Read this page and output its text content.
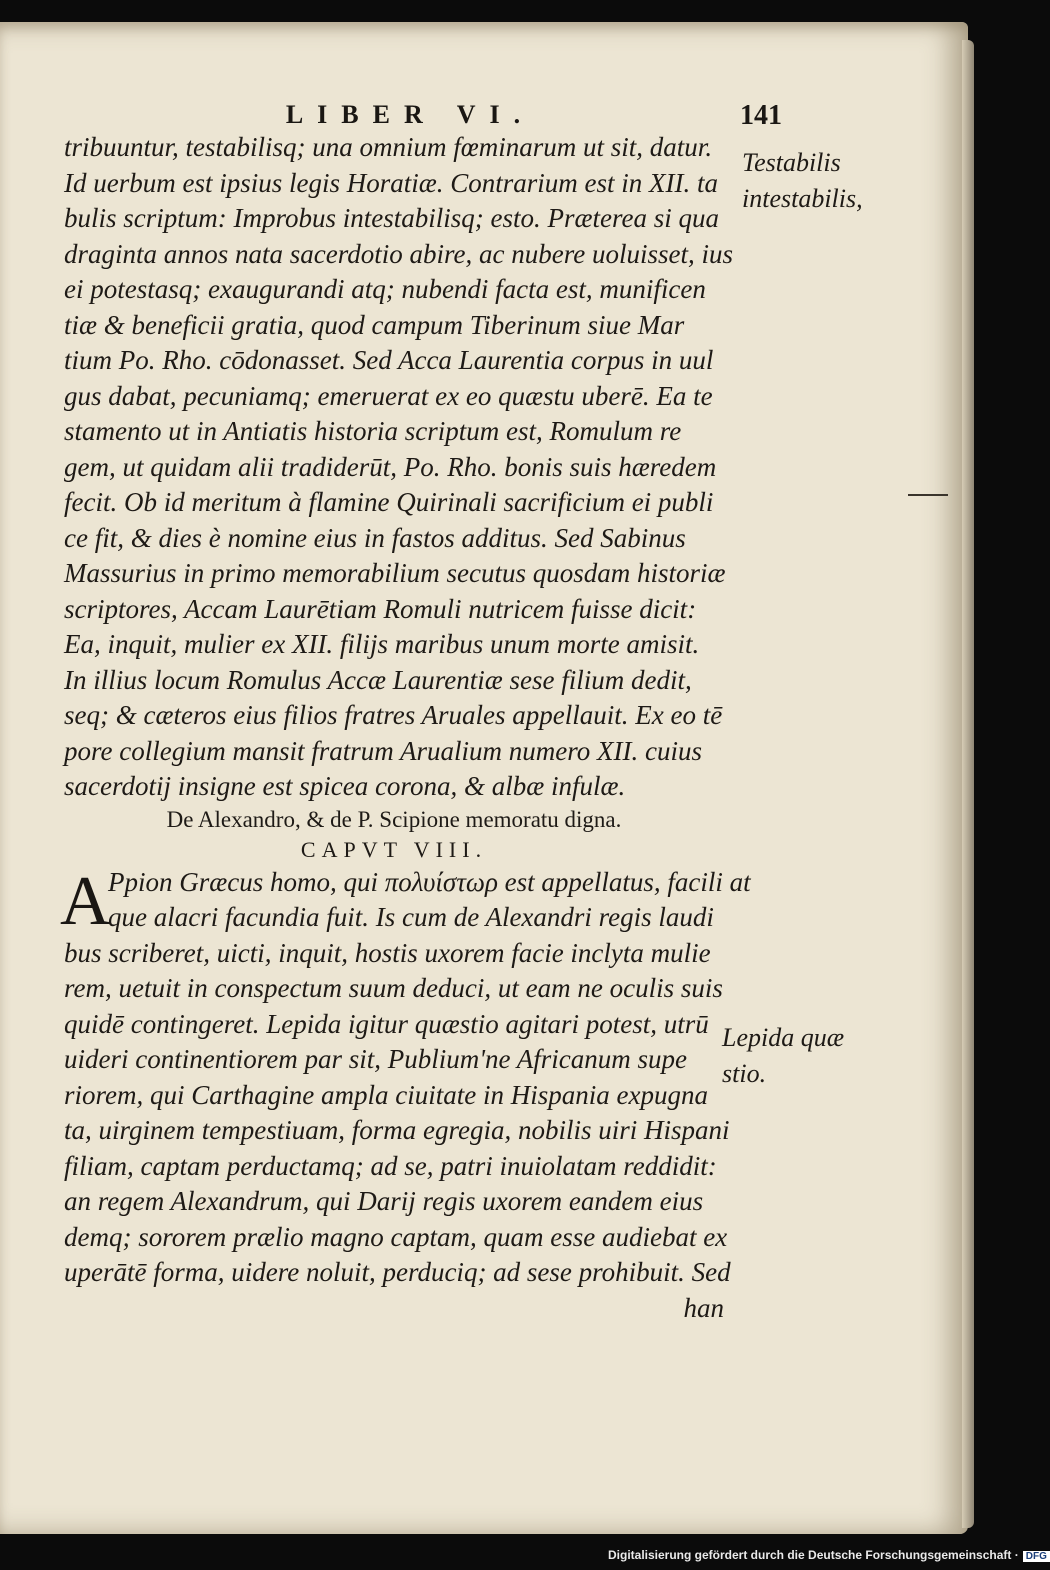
LIBER VI.	141
tribuuntur, testabilisq; una omnium fœminarum ut sit, datur.
Id uerbum est ipsius legis Horatiæ. Contrarium est in XII. ta
bulis scriptum: Improbus intestabilisq; esto. Præterea si qua
draginta annos nata sacerdotio abire, ac nubere uoluisset, ius
ei potestasq; exaugurandi atq; nubendi facta est, munificen
tiæ & beneficii gratia, quod campum Tiberinum siue Mar
tium Po. Rho. cōdonasset. Sed Acca Laurentia corpus in uul
gus dabat, pecuniamq; emeruerat ex eo quæstu uberē. Ea te
stamento ut in Antiatis historia scriptum est, Romulum re
gem, ut quidam alii tradiderūt, Po. Rho. bonis suis hæredem
fecit. Ob id meritum à flamine Quirinali sacrificium ei publi
ce fit, & dies è nomine eius in fastos additus. Sed Sabinus
Massurius in primo memorabilium secutus quosdam historiæ
scriptores, Accam Laurētiam Romuli nutricem fuisse dicit:
Ea, inquit, mulier ex XII. filijs maribus unum morte amisit.
In illius locum Romulus Accæ Laurentiæ sese filium dedit,
seq; & cæteros eius filios fratres Aruales appellauit. Ex eo tē
pore collegium mansit fratrum Arualium numero XII. cuius
sacerdotij insigne est spicea corona, & albæ infulæ.
De Alexandro, & de P. Scipione memoratu digna.
CAPVT VIII.
A
Ppion Græcus homo, qui πολυίστωρ est appellatus, facili at
que alacri facundia fuit. Is cum de Alexandri regis laudi
bus scriberet, uicti, inquit, hostis uxorem facie inclyta mulie
rem, uetuit in conspectum suum deduci, ut eam ne oculis suis
quidē contingeret. Lepida igitur quæstio agitari potest, utrū
uideri continentiorem par sit, Publium'ne Africanum supe
riorem, qui Carthagine ampla ciuitate in Hispania expugna
ta, uirginem tempestiuam, forma egregia, nobilis uiri Hispani
filiam, captam perductamq; ad se, patri inuiolatam reddidit:
an regem Alexandrum, qui Darij regis uxorem eandem eius
demq; sororem prælio magno captam, quam esse audiebat ex
uperātē forma, uidere noluit, perduciq; ad sese prohibuit. Sed
han
Testabilis
intestabilis,
Lepida quæ
stio.
Digitalisierung gefördert durch die Deutsche Forschungsgemeinschaft · DFG
